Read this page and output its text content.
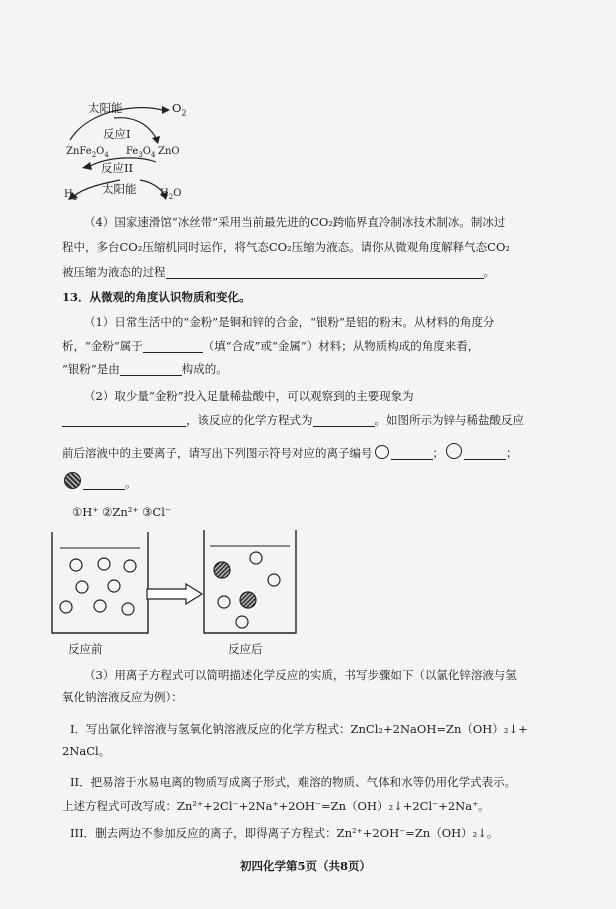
太阳能	$O_2$
反应I
$ZnFe_2O_4$ $Fe_3O_4$ ZnO
反应II
太阳能
$H_2$	$H_2O$
（4）国家速滑馆“冰丝带”采用当前最先进的CO₂跨临界直冷制冰技术制冰。制冰过
程中，多台CO₂压缩机同时运作，将气态CO₂压缩为液态。请你从微观角度解释气态CO₂
被压缩为液态的过程	。
13．从微观的角度认识物质和变化。
（1）日常生活中的“金粉”是铜和锌的合金，“银粉”是铝的粉末。从材料的角度分
析，“金粉”属于	（填“合成”或“金属”）材料；从物质构成的角度来看，
“银粉”是由	构成的。
（2）取少量“金粉”投入足量稀盐酸中，可以观察到的主要现象为
，该反应的化学方程式为	。如图所示为锌与稀盐酸反应
前后溶液中的主要离子，请写出下列图示符号对应的离子编号	；	；
。
①H⁺ ②Zn²⁺ ③Cl⁻
反应前	反应后
（3）用离子方程式可以简明描述化学反应的实质，书写步骤如下（以氯化锌溶液与氢
氧化钠溶液反应为例）：
I．写出氯化锌溶液与氢氧化钠溶液反应的化学方程式：ZnCl₂+2NaOH=Zn（OH）₂↓+
2NaCl。
II．把易溶于水易电离的物质写成离子形式，难溶的物质、气体和水等仍用化学式表示。
上述方程式可改写成：Zn²⁺+2Cl⁻+2Na⁺+2OH⁻=Zn（OH）₂↓+2Cl⁻+2Na⁺。
III．删去两边不参加反应的离子，即得离子方程式：Zn²⁺+2OH⁻=Zn（OH）₂↓。
初四化学第5页（共8页）
